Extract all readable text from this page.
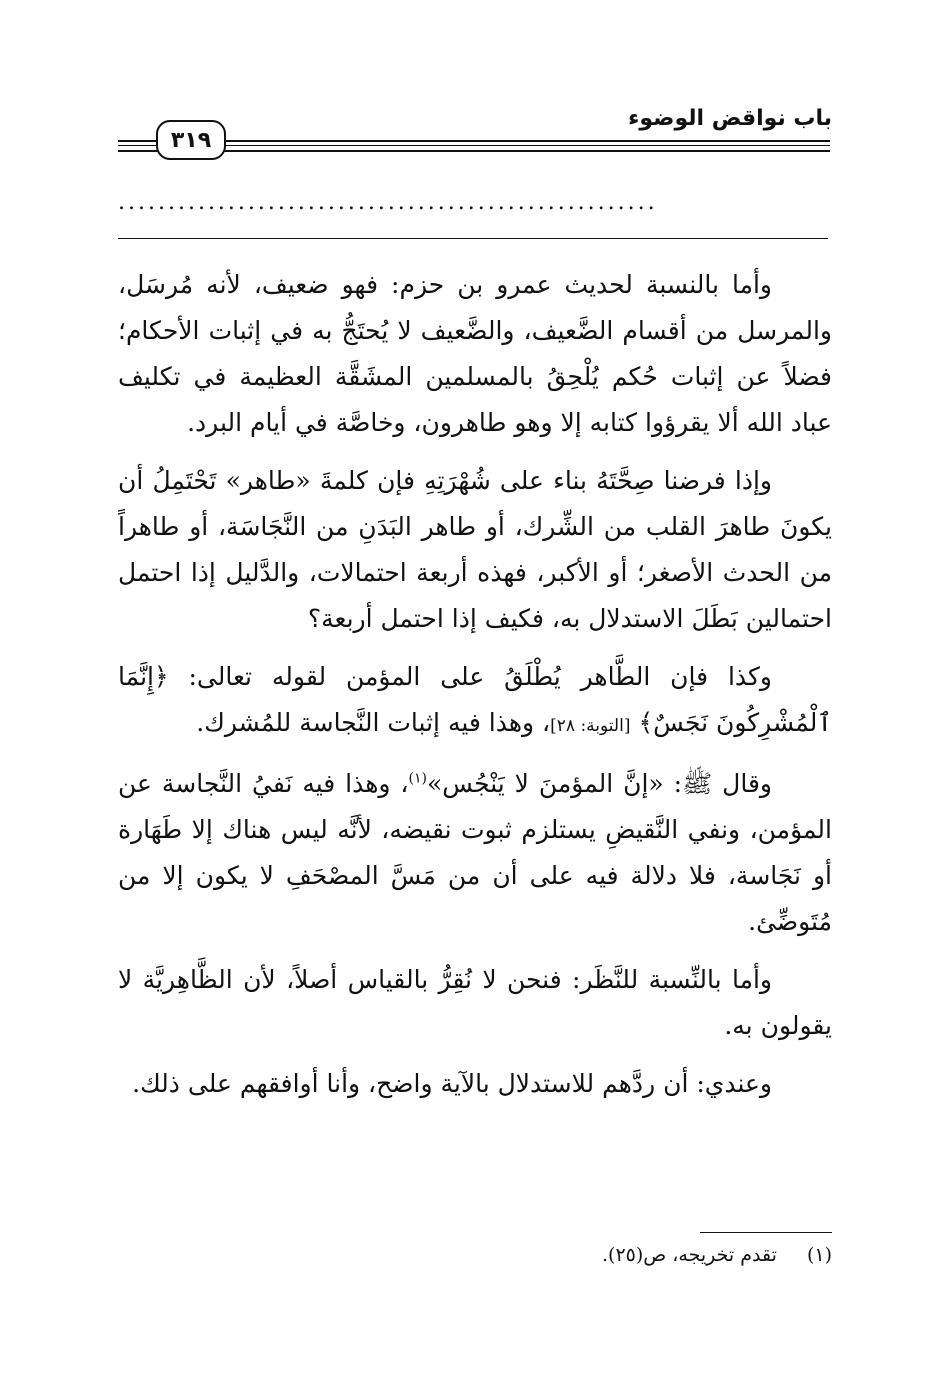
باب نواقض الوضوء
٣١٩
......................................................

وأما بالنسبة لحديث عمرو بن حزم: فهو ضعيف، لأنه مُرسَل، والمرسل من أقسام الضَّعيف، والضَّعيف لا يُحتَجُّ به في إثبات الأحكام؛ فضلاً عن إثبات حُكم يُلْحِقُ بالمسلمين المشَقَّة العظيمة في تكليف عباد الله ألا يقرؤوا كتابه إلا وهو طاهرون، وخاصَّة في أيام البرد.

وإذا فرضنا صِحَّتَهُ بناء على شُهْرَتِهِ فإن كلمةَ «طاهر» تَحْتَمِلُ أن يكونَ طاهرَ القلب من الشِّرك، أو طاهر البَدَنِ من النَّجَاسَة، أو طاهراً من الحدث الأصغر؛ أو الأكبر، فهذه أربعة احتمالات، والدَّليل إذا احتمل احتمالين بَطَلَ الاستدلال به، فكيف إذا احتمل أربعة؟

وكذا فإن الطَّاهر يُطْلَقُ على المؤمن لقوله تعالى: ﴿إِنَّمَا ٱلْمُشْرِكُونَ نَجَسٌ﴾ [التوبة: ٢٨]، وهذا فيه إثبات النَّجاسة للمُشرك.

وقال ﷺ: «إنَّ المؤمنَ لا يَنْجُس»$^{(١)}$، وهذا فيه نَفيُ النَّجاسة عن المؤمن، ونفي النَّقيضِ يستلزم ثبوت نقيضه، لأنَّه ليس هناك إلا طَهَارة أو نَجَاسة، فلا دلالة فيه على أن من مَسَّ المصْحَفِ لا يكون إلا من مُتَوضِّئ.

وأما بالنِّسبة للنَّظَر: فنحن لا نُقِرُّ بالقياس أصلاً، لأن الظَّاهِريَّة لا يقولون به.

وعندي: أن ردَّهم للاستدلال بالآية واضح، وأنا أوافقهم على ذلك.

(١) تقدم تخريجه، ص(٢٥).
